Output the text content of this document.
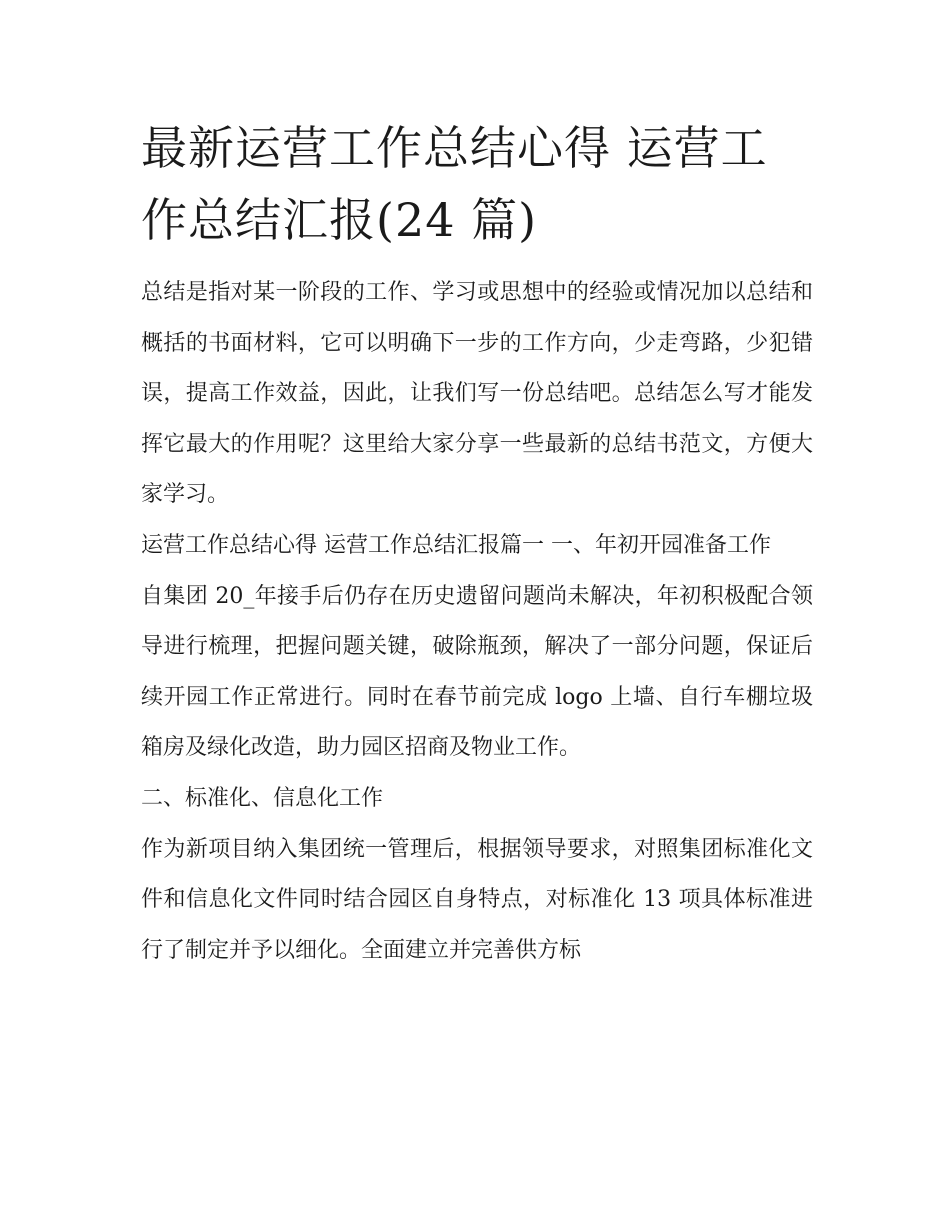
最新运营工作总结心得 运营工作总结汇报(24 篇)

总结是指对某一阶段的工作、学习或思想中的经验或情况加以总结和概括的书面材料，它可以明确下一步的工作方向，少走弯路，少犯错误，提高工作效益，因此，让我们写一份总结吧。总结怎么写才能发挥它最大的作用呢？这里给大家分享一些最新的总结书范文，方便大家学习。

运营工作总结心得 运营工作总结汇报篇一 一、年初开园准备工作

自集团 20_年接手后仍存在历史遗留问题尚未解决，年初积极配合领导进行梳理，把握问题关键，破除瓶颈，解决了一部分问题，保证后续开园工作正常进行。同时在春节前完成 logo 上墙、自行车棚垃圾箱房及绿化改造，助力园区招商及物业工作。

二、标准化、信息化工作

作为新项目纳入集团统一管理后，根据领导要求，对照集团标准化文件和信息化文件同时结合园区自身特点，对标准化 13 项具体标准进行了制定并予以细化。全面建立并完善供方标
